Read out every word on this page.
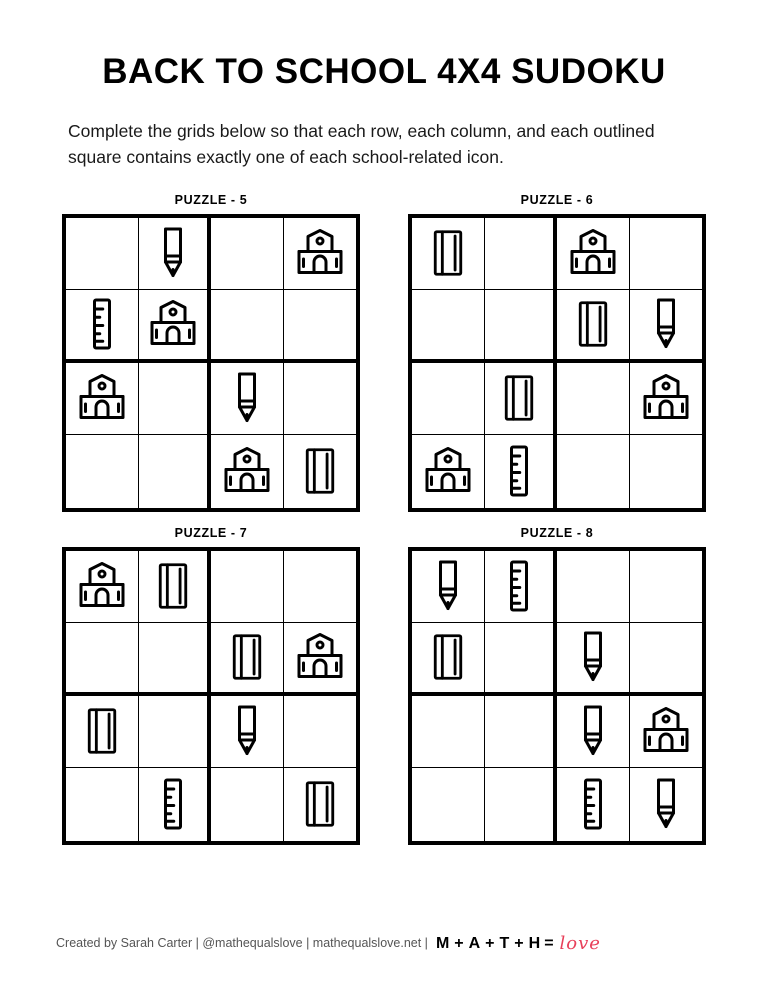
BACK TO SCHOOL 4X4 SUDOKU

Complete the grids below so that each row, each column, and each outlined square contains exactly one of each school-related icon.

PUZZLE - 5	PUZZLE - 6
PUZZLE - 7	PUZZLE - 8
Created by Sarah Carter | @mathequalslove | mathequalslove.net | M + A + T + H = love
